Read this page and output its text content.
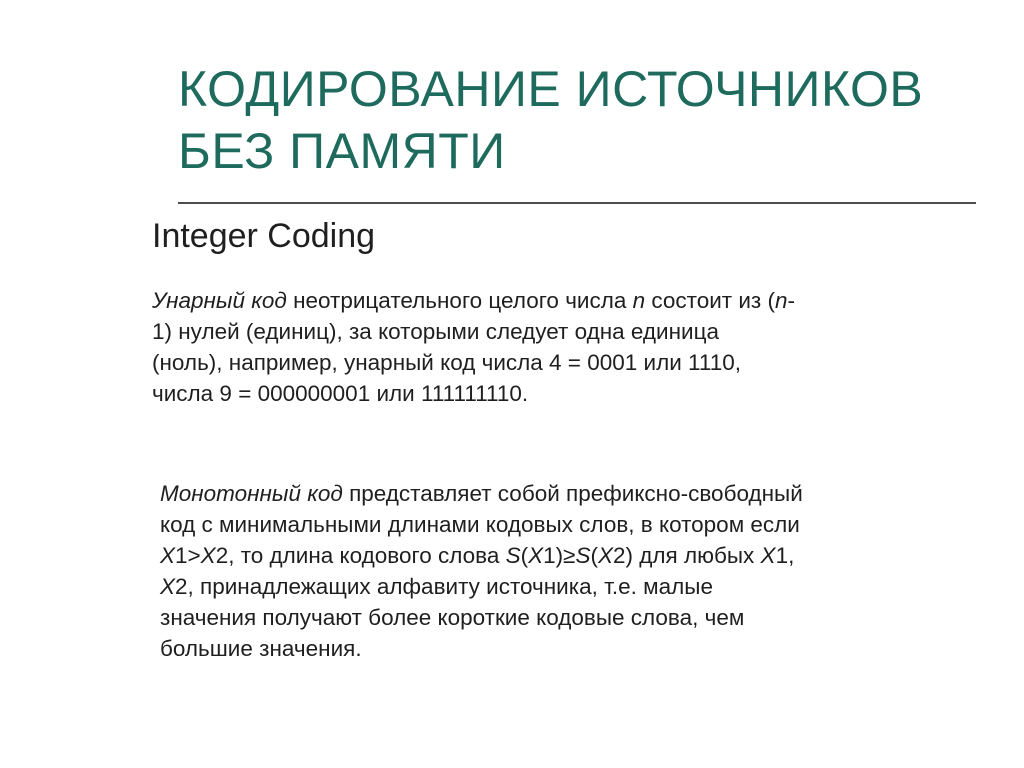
КОДИРОВАНИЕ ИСТОЧНИКОВ
БЕЗ ПАМЯТИ
Integer Coding

Унарный код неотрицательного целого числа n состоит из (n-
1) нулей (единиц), за которыми следует одна единица
(ноль), например, унарный код числа 4 = 0001 или 1110,
числа 9 = 000000001 или 111111110.

Монотонный код представляет собой префиксно-свободный
код с минимальными длинами кодовых слов, в котором если
X1>X2, то длина кодового слова S(X1)≥S(X2) для любых X1,
X2, принадлежащих алфавиту источника, т.е. малые
значения получают более короткие кодовые слова, чем
большие значения.
